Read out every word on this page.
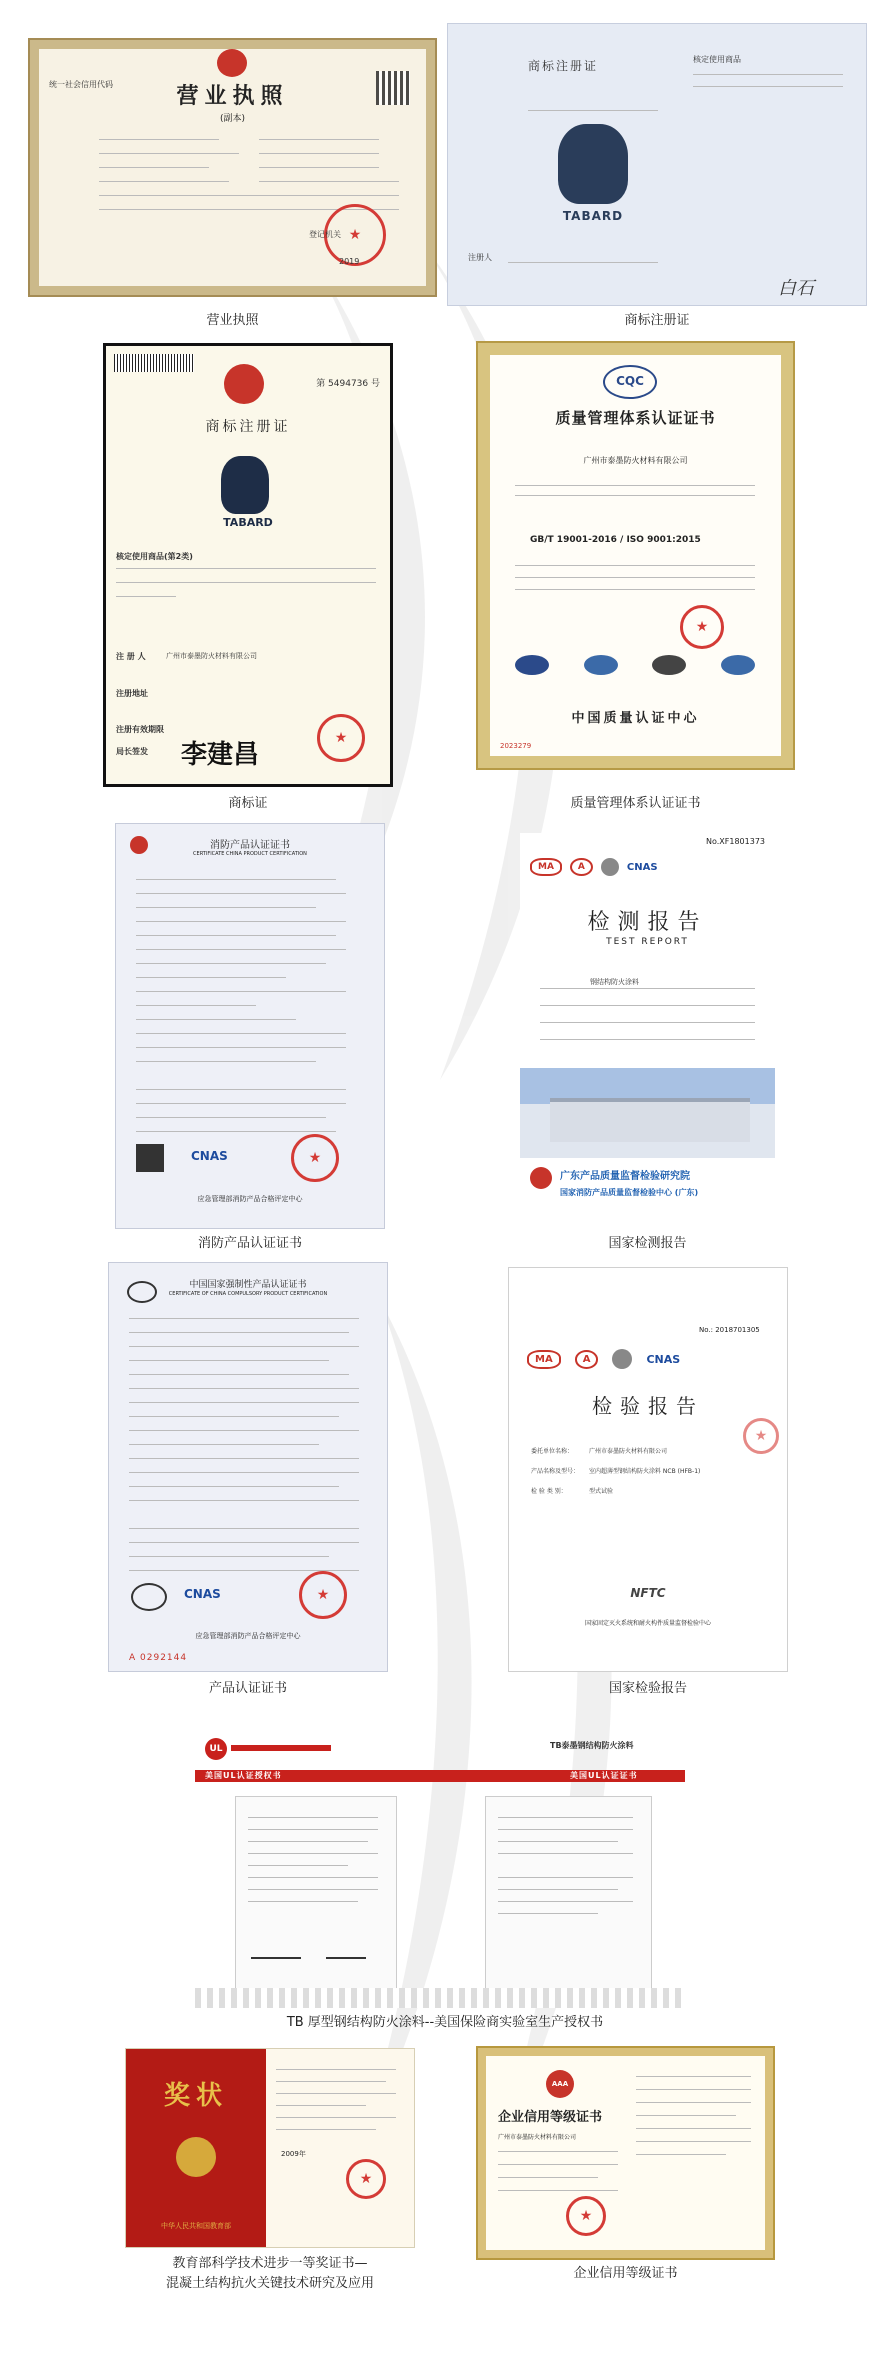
营业执照
(副本)
统一社会信用代码
★
登记机关
2019
营业执照
商标注册证
TABARD
核定使用商品
注册人
白石
商标注册证
第 5494736 号
商标注册证
TABARD
核定使用商品(第2类)
注 册 人	广州市泰墨防火材料有限公司
注册地址
注册有效期限
局长签发 李建昌
★
商标证
CQC
质量管理体系认证证书
广州市泰墨防火材料有限公司
GB/T 19001-2016 / ISO 9001:2015
★
中国质量认证中心
2023279
质量管理体系认证证书
消防产品认证证书
CERTIFICATE CHINA PRODUCT CERTIFICATION
CNAS
★
应急管理部消防产品合格评定中心
消防产品认证证书
No.XF1801373
MA	A	CNAS
检测报告
TEST REPORT
钢结构防火涂料
广东产品质量监督检验研究院
国家消防产品质量监督检验中心 (广东)
国家检测报告
中国国家强制性产品认证证书
CERTIFICATE OF CHINA COMPULSORY PRODUCT CERTIFICATION
CNAS
★
应急管理部消防产品合格评定中心
A 0292144
产品认证证书
No.: 2018701305
MA	A	CNAS
检验报告
委托单位名称：	广州市泰墨防火材料有限公司
产品名称及型号： 室内超薄型钢结构防火涂料 NCB (HFB-1)
检 验 类 别：	型式试验
NFTC
国家固定灭火系统和耐火构件质量监督检验中心
★
国家检验报告
UL	TB泰墨钢结构防火涂料
美国UL认证授权书	美国UL认证证书
TB 厚型钢结构防火涂料--美国保险商实验室生产授权书
奖状
中华人民共和国教育部
2009年
★
教育部科学技术进步一等奖证书—
混凝土结构抗火关键技术研究及应用
AAA
企业信用等级证书
广州市泰墨防火材料有限公司
★
企业信用等级证书
